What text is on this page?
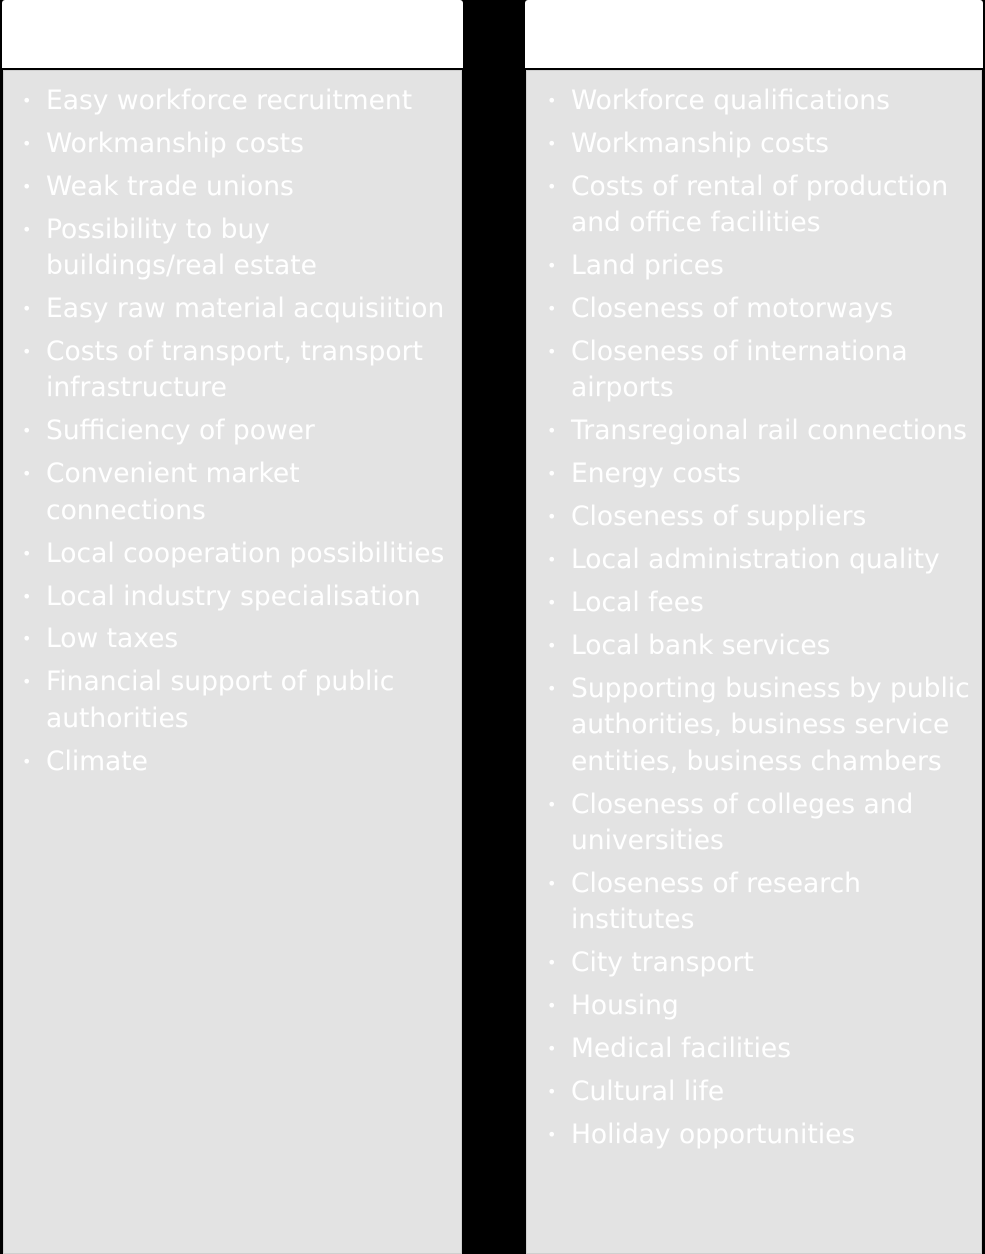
• Easy workforce recruitment
• Workmanship costs
• Weak trade unions
• Possibility to buy buildings/real estate
• Easy raw material acquisiition
• Costs of transport, transport infrastructure
• Sufficiency of power
• Convenient market connections
• Local cooperation possibilities
• Local industry specialisation
• Low taxes
• Financial support of public authorities
• Climate
• Workforce qualifications
• Workmanship costs
• Costs of rental of production and office facilities
• Land prices
• Closeness of motorways
• Closeness of internationa airports
• Transregional rail connections
• Energy costs
• Closeness of suppliers
• Local administration quality
• Local fees
• Local bank services
• Supporting business by public authorities, business service entities, business chambers
• Closeness of colleges and universities
• Closeness of research institutes
• City transport
• Housing
• Medical facilities
• Cultural life
• Holiday opportunities
